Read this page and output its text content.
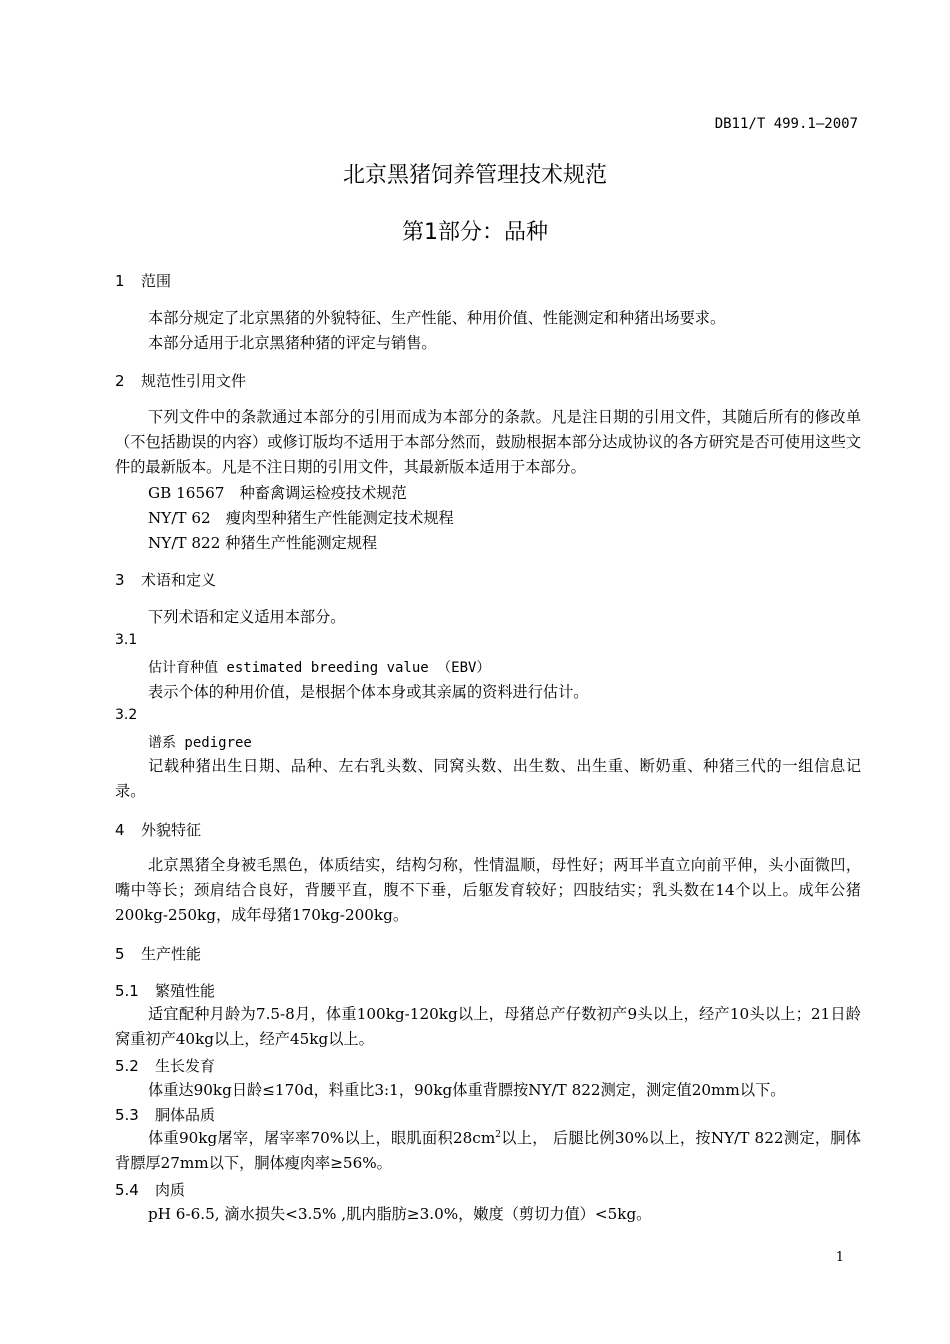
DB11/T 499.1—2007
北京黑猪饲养管理技术规范
第1部分：品种
1 范围
本部分规定了北京黑猪的外貌特征、生产性能、种用价值、性能测定和种猪出场要求。
本部分适用于北京黑猪种猪的评定与销售。
2 规范性引用文件
下列文件中的条款通过本部分的引用而成为本部分的条款。凡是注日期的引用文件，其随后所有的修改单（不包括勘误的内容）或修订版均不适用于本部分然而，鼓励根据本部分达成协议的各方研究是否可使用这些文件的最新版本。凡是不注日期的引用文件，其最新版本适用于本部分。
GB 16567　种畜禽调运检疫技术规范
NY/T 62　瘦肉型种猪生产性能测定技术规程
NY/T 822 种猪生产性能测定规程
3 术语和定义
下列术语和定义适用本部分。
3.1
估计育种值 estimated breeding value （EBV）
表示个体的种用价值，是根据个体本身或其亲属的资料进行估计。
3.2
谱系 pedigree
记载种猪出生日期、品种、左右乳头数、同窝头数、出生数、出生重、断奶重、种猪三代的一组信息记录。
4 外貌特征
北京黑猪全身被毛黑色，体质结实，结构匀称，性情温顺，母性好；两耳半直立向前平伸，头小面微凹，嘴中等长；颈肩结合良好，背腰平直，腹不下垂，后躯发育较好；四肢结实；乳头数在14个以上。成年公猪200kg-250kg，成年母猪170kg-200kg。
5 生产性能
5.1 繁殖性能
适宜配种月龄为7.5-8月，体重100kg-120kg以上，母猪总产仔数初产9头以上，经产10头以上；21日龄窝重初产40kg以上，经产45kg以上。
5.2 生长发育
体重达90kg日龄≤170d，料重比3:1，90kg体重背膘按NY/T 822测定，测定值20mm以下。
5.3 胴体品质
体重90kg屠宰，屠宰率70%以上，眼肌面积$28cm^2$以上， 后腿比例30%以上，按NY/T 822测定，胴体背膘厚27mm以下，胴体瘦肉率≥56%。
5.4 肉质
pH 6-6.5, 滴水损失<3.5% ,肌内脂肪≥3.0%，嫩度（剪切力值）<5kg。
1
